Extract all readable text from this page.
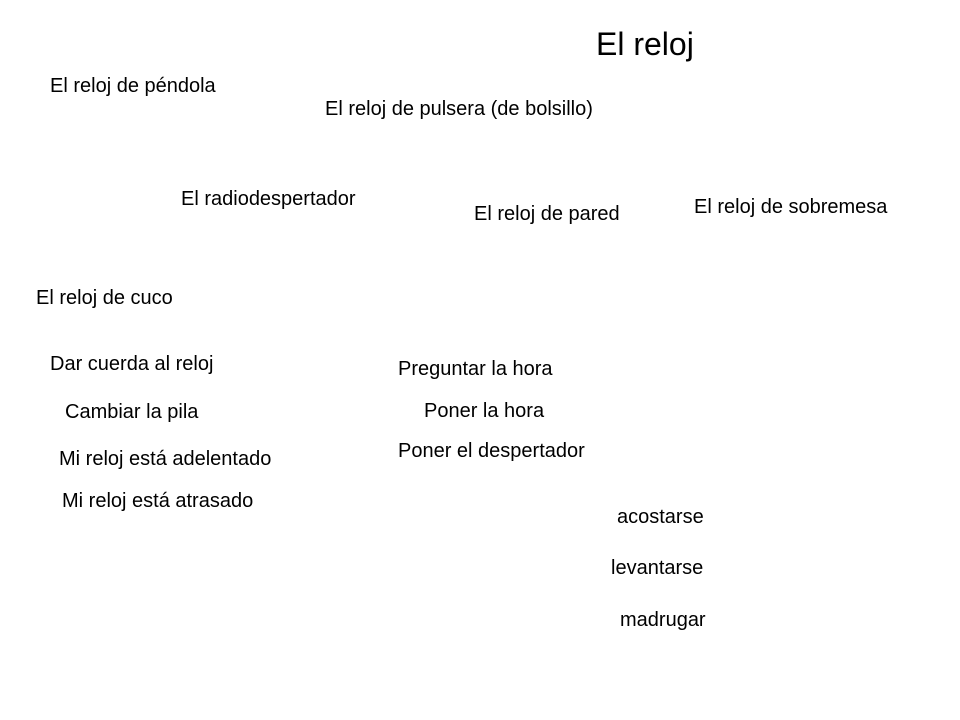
El reloj
El reloj de péndola
El reloj de pulsera (de bolsillo)
El radiodespertador
El reloj de pared	El reloj de sobremesa
El reloj de cuco
Dar cuerda al reloj
Cambiar la pila
Mi reloj está adelentado
Mi reloj está atrasado
Preguntar la hora
Poner la hora
Poner el despertador
acostarse
levantarse
madrugar
